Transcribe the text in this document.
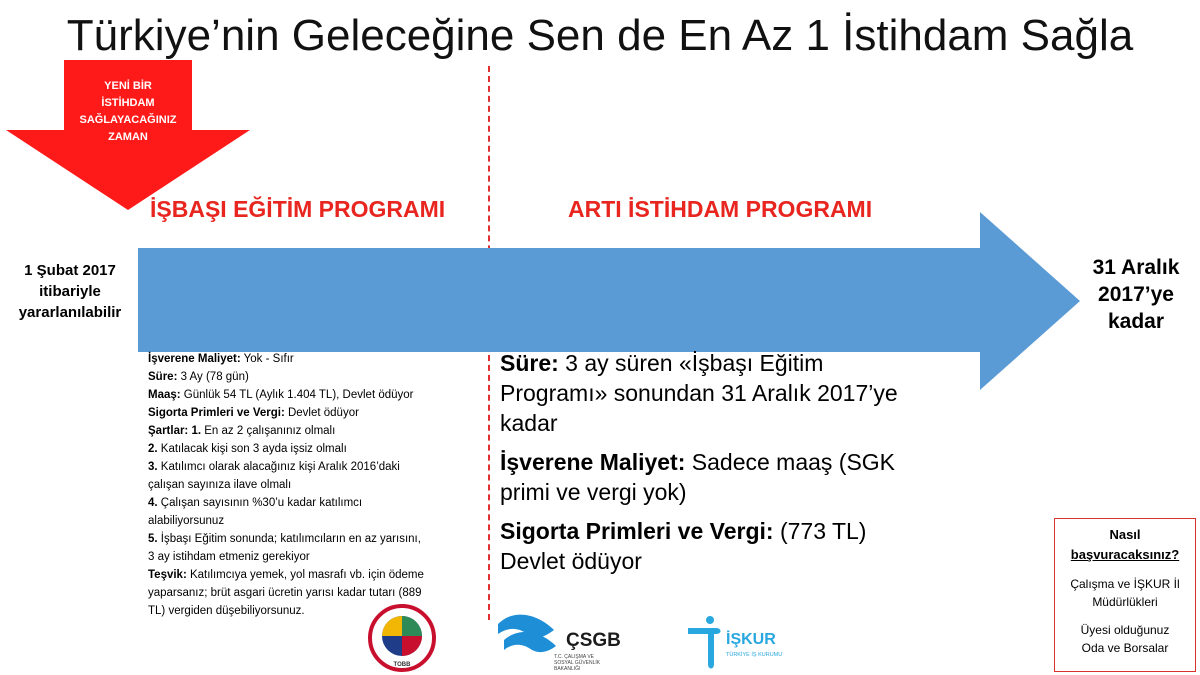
Türkiye’nin Geleceğine Sen de En Az 1 İstihdam Sağla
YENİ BİR
İSTİHDAM
SAĞLAYACAĞINIZ
ZAMAN
İŞBAŞI EĞİTİM PROGRAMI	ARTI İSTİHDAM PROGRAMI
1 Şubat 2017
itibariyle
yararlanılabilir
31 Aralık
2017’ye
kadar
İşverene Maliyet: Yok - Sıfır
Süre: 3 Ay (78 gün)
Maaş: Günlük 54 TL (Aylık 1.404 TL), Devlet ödüyor
Sigorta Primleri ve Vergi: Devlet ödüyor
Şartlar: 1. En az 2 çalışanınız olmalı
2. Katılacak kişi son 3 ayda işsiz olmalı
3. Katılımcı olarak alacağınız kişi Aralık 2016’daki
çalışan sayınıza ilave olmalı
4. Çalışan sayısının %30’u kadar katılımcı
alabiliyorsunuz
5. İşbaşı Eğitim sonunda; katılımcıların en az yarısını,
3 ay istihdam etmeniz gerekiyor
Teşvik: Katılımcıya yemek, yol masrafı vb. için ödeme
yaparsanız; brüt asgari ücretin yarısı kadar tutarı (889
TL) vergiden düşebiliyorsunuz.

Süre: 3 ay süren «İşbaşı Eğitim
Programı» sonundan 31 Aralık 2017’ye
kadar

İşverene Maliyet: Sadece maaş (SGK
primi ve vergi yok)

Sigorta Primleri ve Vergi: (773 TL)
Devlet ödüyor

Nasıl
başvuracaksınız?
Çalışma ve İŞKUR İl
Müdürlükleri
Üyesi olduğunuz
Oda ve Borsalar
TOBB
ÇSGB
T.C. ÇALIŞMA VE
SOSYAL GÜVENLİK
BAKANLIĞI
İŞKUR
TÜRKİYE İŞ KURUMU
